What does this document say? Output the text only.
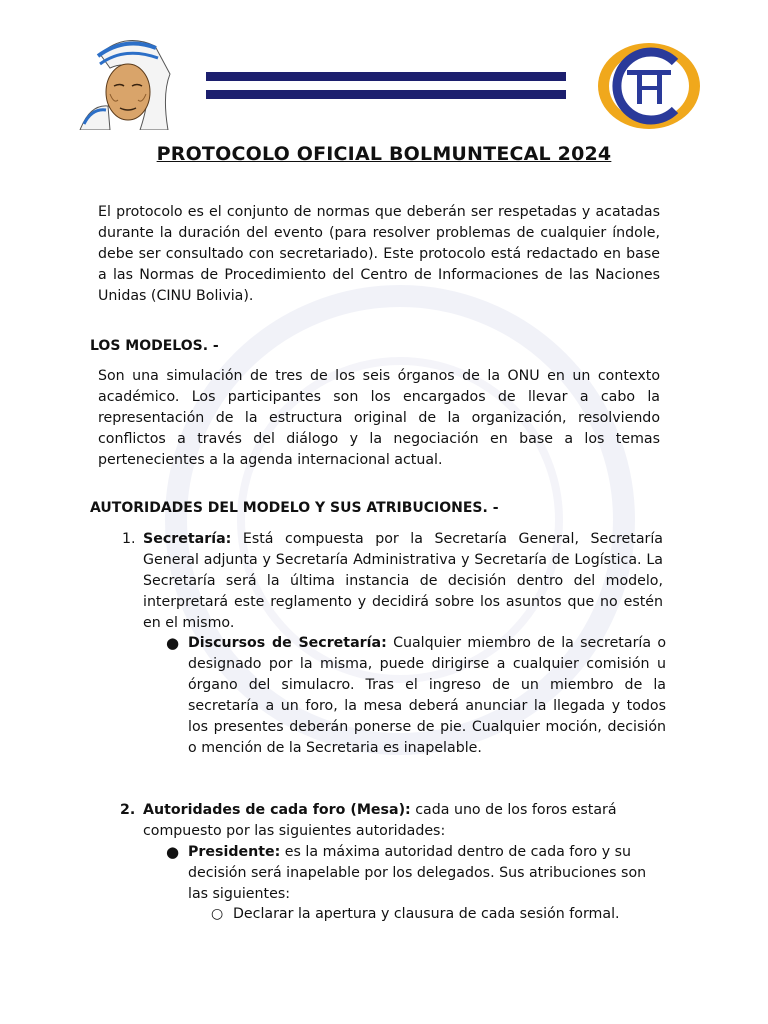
PROTOCOLO OFICIAL BOLMUNTECAL 2024
El protocolo es el conjunto de normas que deberán ser respetadas y acatadas durante la duración del evento (para resolver problemas de cualquier índole, debe ser consultado con secretariado). Este protocolo está redactado en base a las Normas de Procedimiento del Centro de Informaciones de las Naciones Unidas (CINU Bolivia).
LOS MODELOS. -
Son una simulación de tres de los seis órganos de la ONU en un contexto académico. Los participantes son los encargados de llevar a cabo la representación de la estructura original de la organización, resolviendo conflictos a través del diálogo y la negociación en base a los temas pertenecientes a la agenda internacional actual.
AUTORIDADES DEL MODELO Y SUS ATRIBUCIONES. -
1. Secretaría: Está compuesta por la Secretaría General, Secretaría General adjunta y Secretaría Administrativa y Secretaría de Logística. La Secretaría será la última instancia de decisión dentro del modelo, interpretará este reglamento y decidirá sobre los asuntos que no estén en el mismo.
● Discursos de Secretaría: Cualquier miembro de la secretaría o designado por la misma, puede dirigirse a cualquier comisión u órgano del simulacro. Tras el ingreso de un miembro de la secretaría a un foro, la mesa deberá anunciar la llegada y todos los presentes deberán ponerse de pie. Cualquier moción, decisión o mención de la Secretaria es inapelable.
2. Autoridades de cada foro (Mesa): cada uno de los foros estará compuesto por las siguientes autoridades:
● Presidente: es la máxima autoridad dentro de cada foro y su decisión será inapelable por los delegados. Sus atribuciones son las siguientes:
○ Declarar la apertura y clausura de cada sesión formal.
